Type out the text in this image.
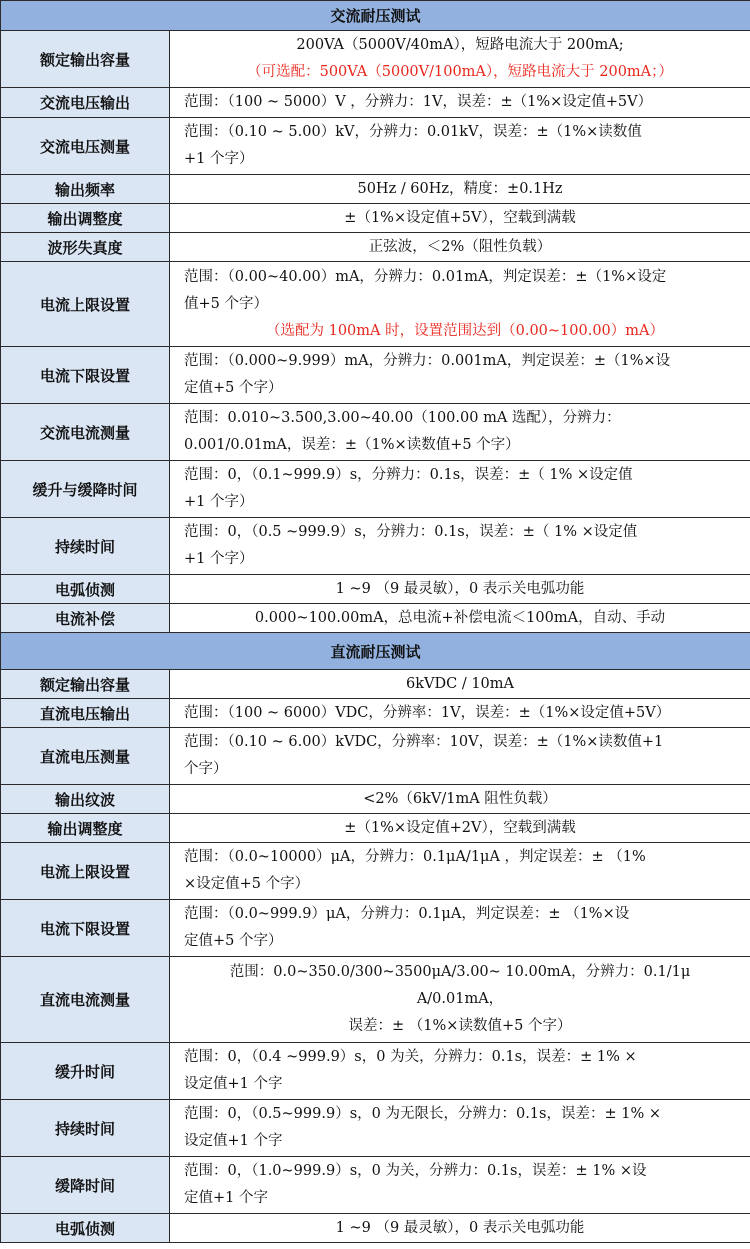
交流耐压测试	
额定输出容量	200VA（5000V/40mA），短路电流大于 200mA;
（可选配：500VA（5000V/100mA），短路电流大于 200mA；）

交流电压输出	范围：（100 ~ 5000）V ，分辨力：1V，误差：±（1%×设定值+5V）

交流电压测量	范围：（0.10 ~ 5.00）kV，分辨力：0.01kV，误差：±（1%×读数值
+1 个字）

输出频率	50Hz / 60Hz，精度：±0.1Hz

输出调整度	±（1%×设定值+5V），空载到满载

波形失真度	正弦波，＜2%（阻性负载）

电流上限设置	范围：（0.00~40.00）mA，分辨力：0.01mA，判定误差：±（1%×设定
值+5 个字）
（选配为 100mA 时，设置范围达到（0.00~100.00）mA）

电流下限设置	范围：（0.000~9.999）mA，分辨力：0.001mA，判定误差：±（1%×设
定值+5 个字）

交流电流测量	范围：0.010~3.500,3.00~40.00（100.00 mA 选配），分辨力：
0.001/0.01mA，误差：±（1%×读数值+5 个字）

缓升与缓降时间	范围：0，（0.1~999.9）s，分辨力：0.1s，误差：±（ 1% ×设定值
+1 个字）

持续时间	范围：0，（0.5 ~999.9）s，分辨力：0.1s，误差：±（ 1% ×设定值
+1 个字）

电弧侦测	1 ~9 （9 最灵敏），0 表示关电弧功能

电流补偿	0.000~100.00mA，总电流+补偿电流＜100mA，自动、手动

直流耐压测试	
额定输出容量	6kVDC / 10mA

直流电压输出	范围：（100 ~ 6000）VDC，分辨率：1V，误差：±（1%×设定值+5V）

直流电压测量	范围：（0.10 ~ 6.00）kVDC，分辨率：10V，误差：±（1%×读数值+1
个字）

输出纹波	<2%（6kV/1mA 阻性负载）

输出调整度	±（1%×设定值+2V），空载到满载

电流上限设置	范围：（0.0~10000）μA，分辨力：0.1μA/1μA ，判定误差：± （1%
×设定值+5 个字）

电流下限设置	范围：（0.0~999.9）μA，分辨力：0.1μA，判定误差：± （1%×设
定值+5 个字）

直流电流测量	范围：0.0~350.0/300~3500μA/3.00~ 10.00mA，分辨力：0.1/1μ
A/0.01mA，
误差：± （1%×读数值+5 个字）

缓升时间	范围：0，（0.4 ~999.9）s，0 为关，分辨力：0.1s，误差：± 1% ×
设定值+1 个字

持续时间	范围：0，（0.5~999.9）s，0 为无限长，分辨力：0.1s，误差：± 1% ×
设定值+1 个字

缓降时间	范围：0，（1.0~999.9）s，0 为关，分辨力：0.1s，误差：± 1% ×设
定值+1 个字

电弧侦测	1 ~9 （9 最灵敏），0 表示关电弧功能
